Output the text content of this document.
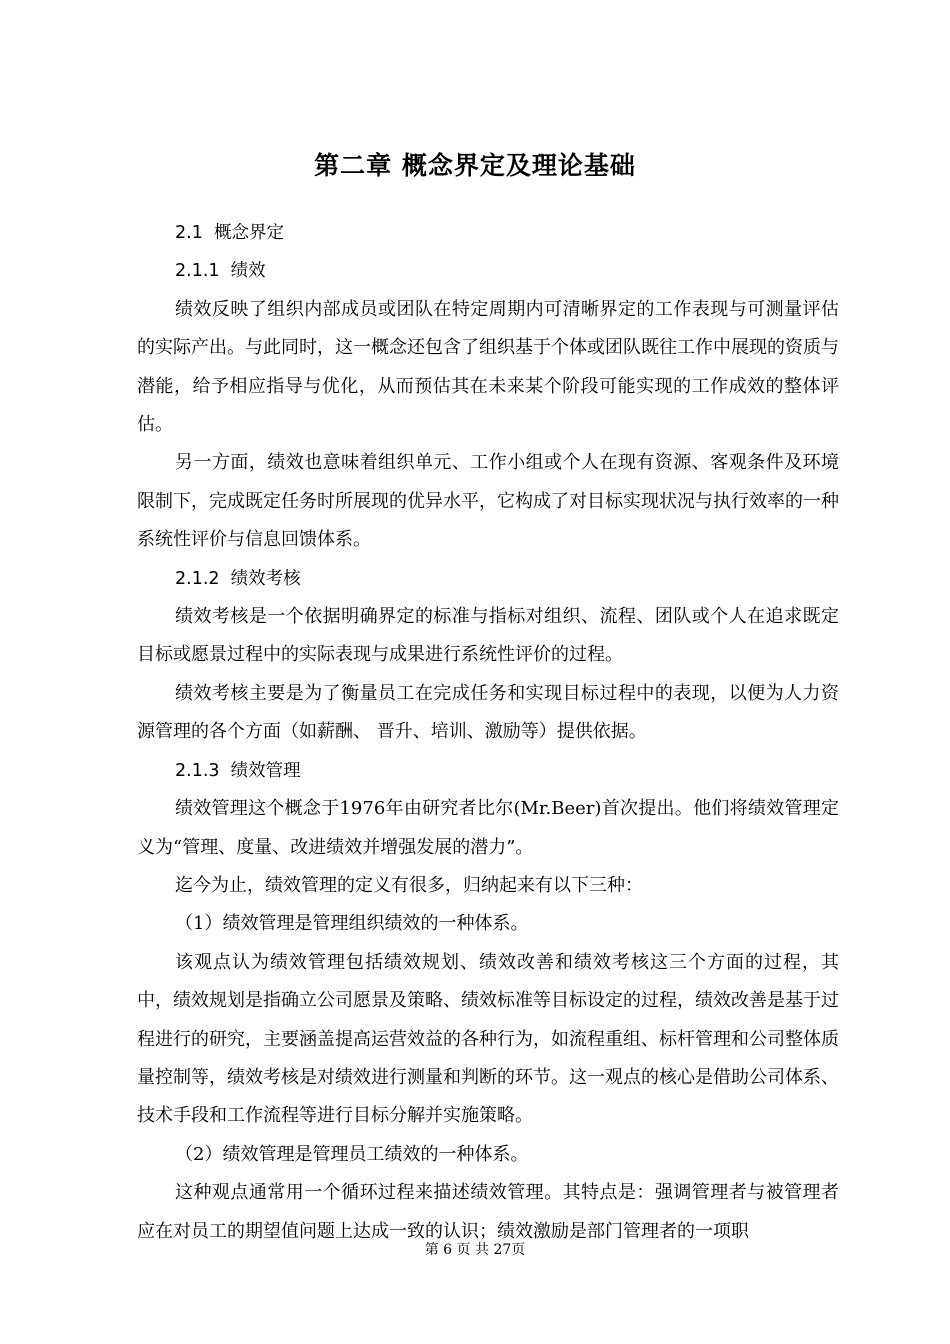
第二章 概念界定及理论基础

2.1  概念界定

2.1.1  绩效

绩效反映了组织内部成员或团队在特定周期内可清晰界定的工作表现与可测量评估的实际产出。与此同时，这一概念还包含了组织基于个体或团队既往工作中展现的资质与潜能，给予相应指导与优化，从而预估其在未来某个阶段可能实现的工作成效的整体评估。

另一方面，绩效也意味着组织单元、工作小组或个人在现有资源、客观条件及环境限制下，完成既定任务时所展现的优异水平，它构成了对目标实现状况与执行效率的一种系统性评价与信息回馈体系。

2.1.2  绩效考核

绩效考核是一个依据明确界定的标准与指标对组织、流程、团队或个人在追求既定目标或愿景过程中的实际表现与成果进行系统性评价的过程。

绩效考核主要是为了衡量员工在完成任务和实现目标过程中的表现，以便为人力资源管理的各个方面（如薪酬、 晋升、培训、激励等）提供依据。

2.1.3  绩效管理

绩效管理这个概念于1976年由研究者比尔(Mr.Beer)首次提出。他们将绩效管理定义为“管理、度量、改进绩效并增强发展的潜力”。

迄今为止，绩效管理的定义有很多，归纳起来有以下三种：

（1）绩效管理是管理组织绩效的一种体系。

该观点认为绩效管理包括绩效规划、绩效改善和绩效考核这三个方面的过程，其中，绩效规划是指确立公司愿景及策略、绩效标准等目标设定的过程，绩效改善是基于过程进行的研究，主要涵盖提高运营效益的各种行为，如流程重组、标杆管理和公司整体质量控制等，绩效考核是对绩效进行测量和判断的环节。这一观点的核心是借助公司体系、技术手段和工作流程等进行目标分解并实施策略。

（2）绩效管理是管理员工绩效的一种体系。

这种观点通常用一个循环过程来描述绩效管理。其特点是：强调管理者与被管理者应在对员工的期望值问题上达成一致的认识；绩效激励是部门管理者的一项职

第 6 页 共 27页
